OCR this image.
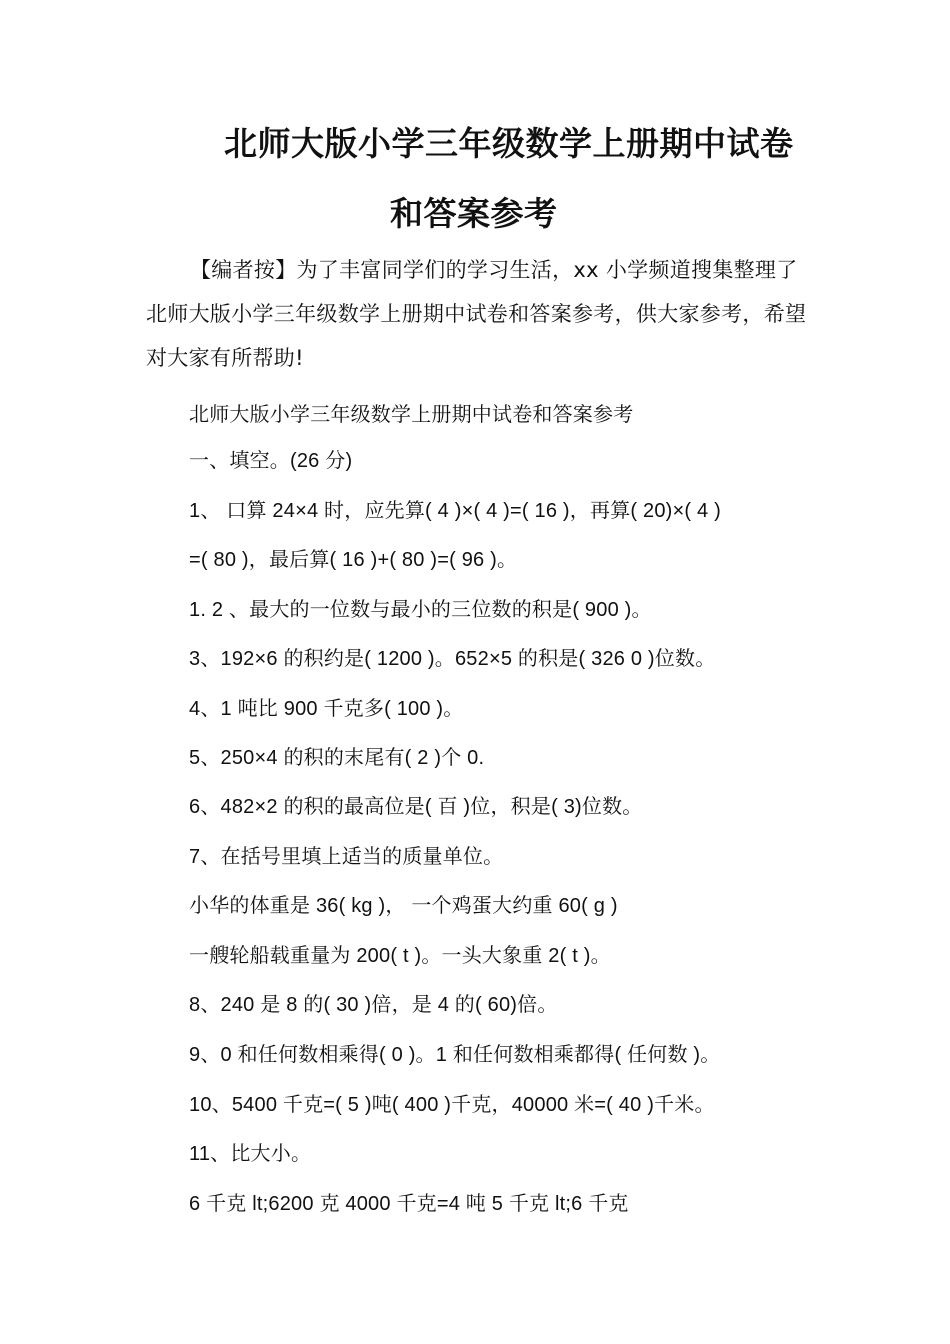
北师大版小学三年级数学上册期中试卷
和答案参考
【编者按】为了丰富同学们的学习生活，xx 小学频道搜集整理了北师大版小学三年级数学上册期中试卷和答案参考，供大家参考，希望对大家有所帮助!
北师大版小学三年级数学上册期中试卷和答案参考
一、填空。(26 分)
1、 口算 24×4 时，应先算( 4 )×( 4 )=( 16 )，再算( 20)×( 4 )
=( 80 )，最后算( 16 )+( 80 )=( 96 )。
1. 2 、最大的一位数与最小的三位数的积是( 900 )。
3、192×6 的积约是( 1200 )。652×5 的积是( 326 0 )位数。
4、1 吨比 900 千克多( 100 )。
5、250×4 的积的末尾有( 2 )个 0.
6、482×2 的积的最高位是( 百 )位，积是( 3)位数。
7、在括号里填上适当的质量单位。
小华的体重是 36( kg )， 一个鸡蛋大约重 60( g )
一艘轮船载重量为 200( t )。一头大象重 2( t )。
8、240 是 8 的( 30 )倍，是 4 的( 60)倍。
9、0 和任何数相乘得( 0 )。1 和任何数相乘都得( 任何数 )。
10、5400 千克=( 5 )吨( 400 )千克，40000 米=( 40 )千米。
11、比大小。
6 千克 lt;6200 克 4000 千克=4 吨 5 千克 lt;6 千克
